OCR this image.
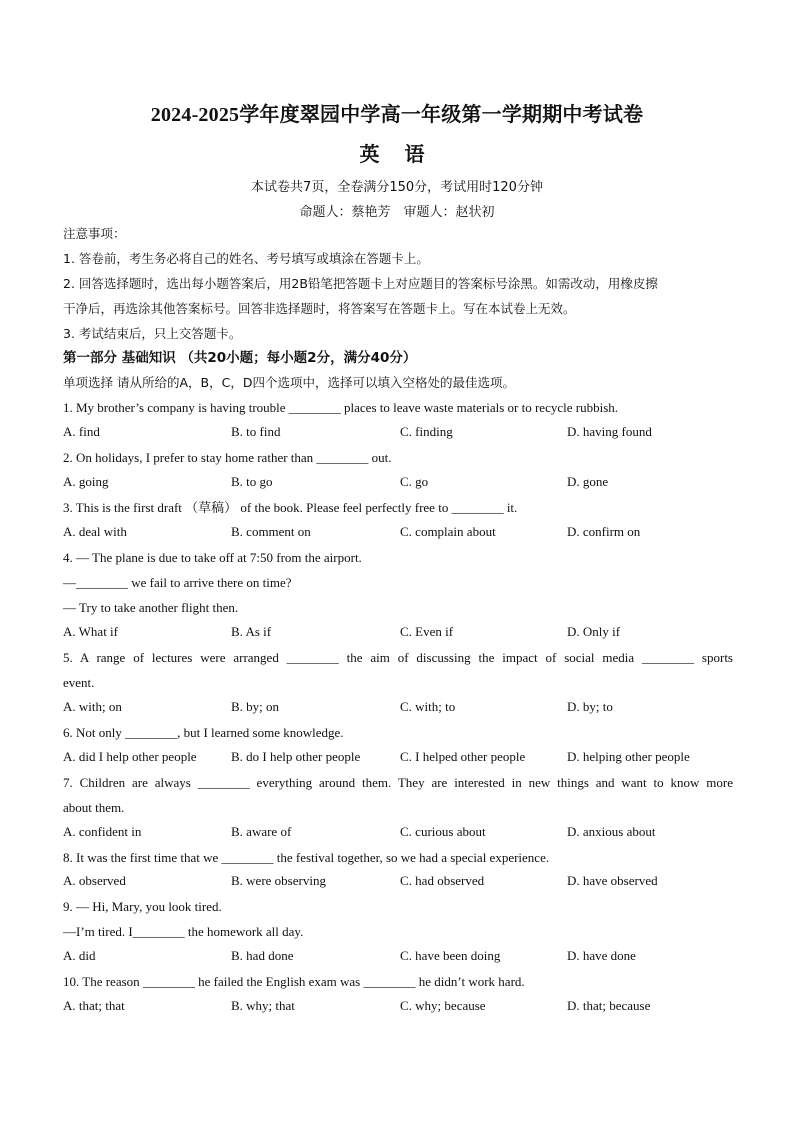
2024-2025学年度翠园中学高一年级第一学期期中考试卷
英 语
本试卷共7页，全卷满分150分，考试用时120分钟
命题人：蔡艳芳　审题人：赵状初
注意事项：
1. 答卷前，考生务必将自己的姓名、考号填写或填涂在答题卡上。
2. 回答选择题时，选出每小题答案后，用2B铅笔把答题卡上对应题目的答案标号涂黑。如需改动，用橡皮擦
干净后，再选涂其他答案标号。回答非选择题时，将答案写在答题卡上。写在本试卷上无效。
3. 考试结束后，只上交答题卡。
第一部分 基础知识 （共20小题；每小题2分，满分40分）
单项选择 请从所给的A，B，C，D四个选项中，选择可以填入空格处的最佳选项。
1. My brother’s company is having trouble ________ places to leave waste materials or to recycle rubbish.
A. find	B. to find	C. finding	D. having found
2. On holidays, I prefer to stay home rather than ________ out.
A. going	B. to go	C. go	D. gone
3. This is the first draft （草稿） of the book. Please feel perfectly free to ________ it.
A. deal with	B. comment on	C. complain about	D. confirm on
4. — The plane is due to take off at 7:50 from the airport.
—________ we fail to arrive there on time?
— Try to take another flight then.
A. What if	B. As if	C. Even if	D. Only if
5. A range of lectures were arranged ________ the aim of discussing the impact of social media ________ sports
event.
A. with; on	B. by; on	C. with; to	D. by; to
6. Not only ________, but I learned some knowledge.
A. did I help other people	B. do I help other people	C. I helped other people	D. helping other people
7. Children are always ________ everything around them. They are interested in new things and want to know more
about them.
A. confident in	B. aware of	C. curious about	D. anxious about
8. It was the first time that we ________ the festival together, so we had a special experience.
A. observed	B. were observing	C. had observed	D. have observed
9. — Hi, Mary, you look tired.
—I’m tired. I________ the homework all day.
A. did	B. had done	C. have been doing	D. have done
10. The reason ________ he failed the English exam was ________ he didn’t work hard.
A. that; that	B. why; that	C. why; because	D. that; because
